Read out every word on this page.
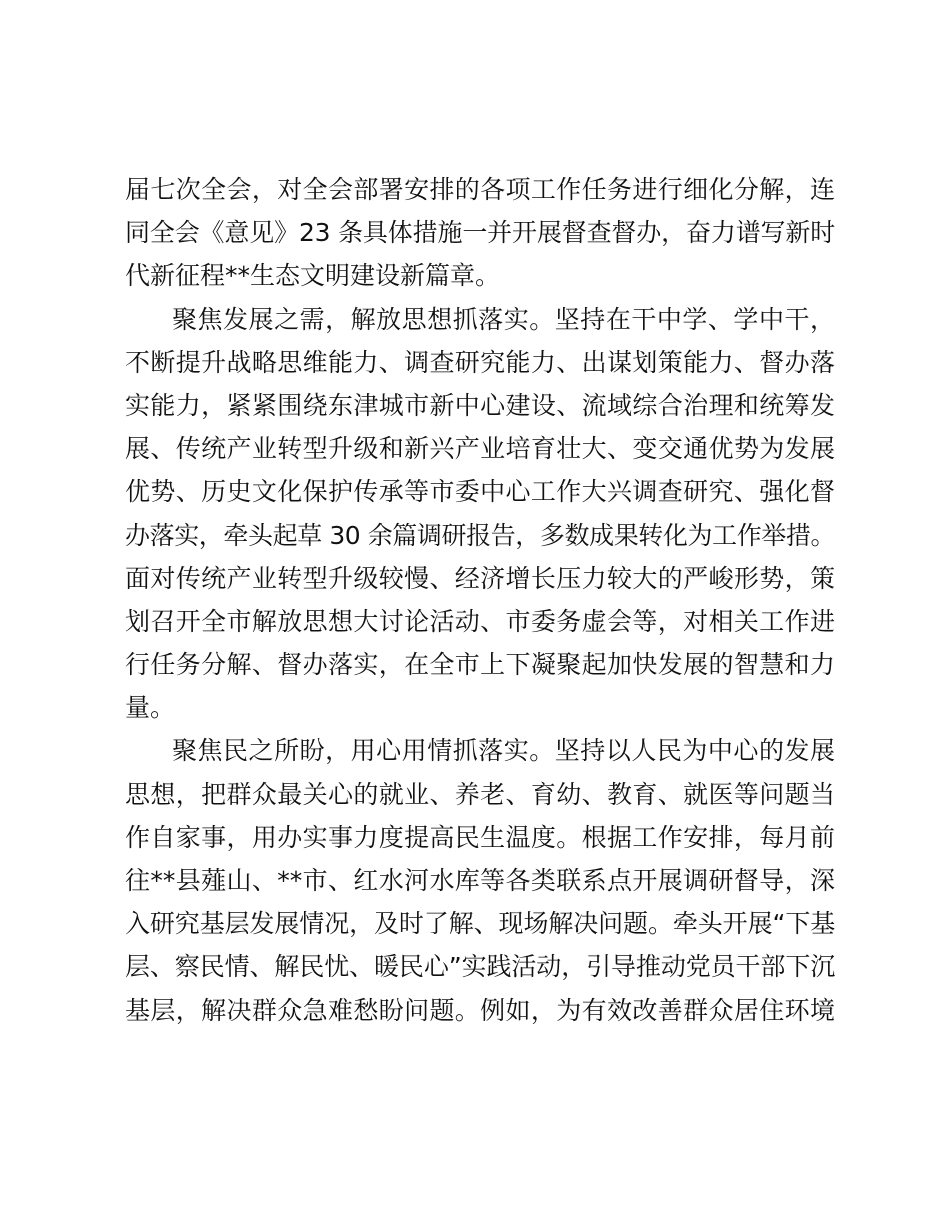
届七次全会，对全会部署安排的各项工作任务进行细化分解，连
同全会《意见》23 条具体措施一并开展督查督办，奋力谱写新时
代新征程**生态文明建设新篇章。
聚焦发展之需，解放思想抓落实。坚持在干中学、学中干，
不断提升战略思维能力、调查研究能力、出谋划策能力、督办落
实能力，紧紧围绕东津城市新中心建设、流域综合治理和统筹发
展、传统产业转型升级和新兴产业培育壮大、变交通优势为发展
优势、历史文化保护传承等市委中心工作大兴调查研究、强化督
办落实，牵头起草 30 余篇调研报告，多数成果转化为工作举措。
面对传统产业转型升级较慢、经济增长压力较大的严峻形势，策
划召开全市解放思想大讨论活动、市委务虚会等，对相关工作进
行任务分解、督办落实，在全市上下凝聚起加快发展的智慧和力
量。
聚焦民之所盼，用心用情抓落实。坚持以人民为中心的发展
思想，把群众最关心的就业、养老、育幼、教育、就医等问题当
作自家事，用办实事力度提高民生温度。根据工作安排，每月前
往**县薤山、**市、红水河水库等各类联系点开展调研督导，深
入研究基层发展情况，及时了解、现场解决问题。牵头开展“下基
层、察民情、解民忧、暖民心”实践活动，引导推动党员干部下沉
基层，解决群众急难愁盼问题。例如，为有效改善群众居住环境
